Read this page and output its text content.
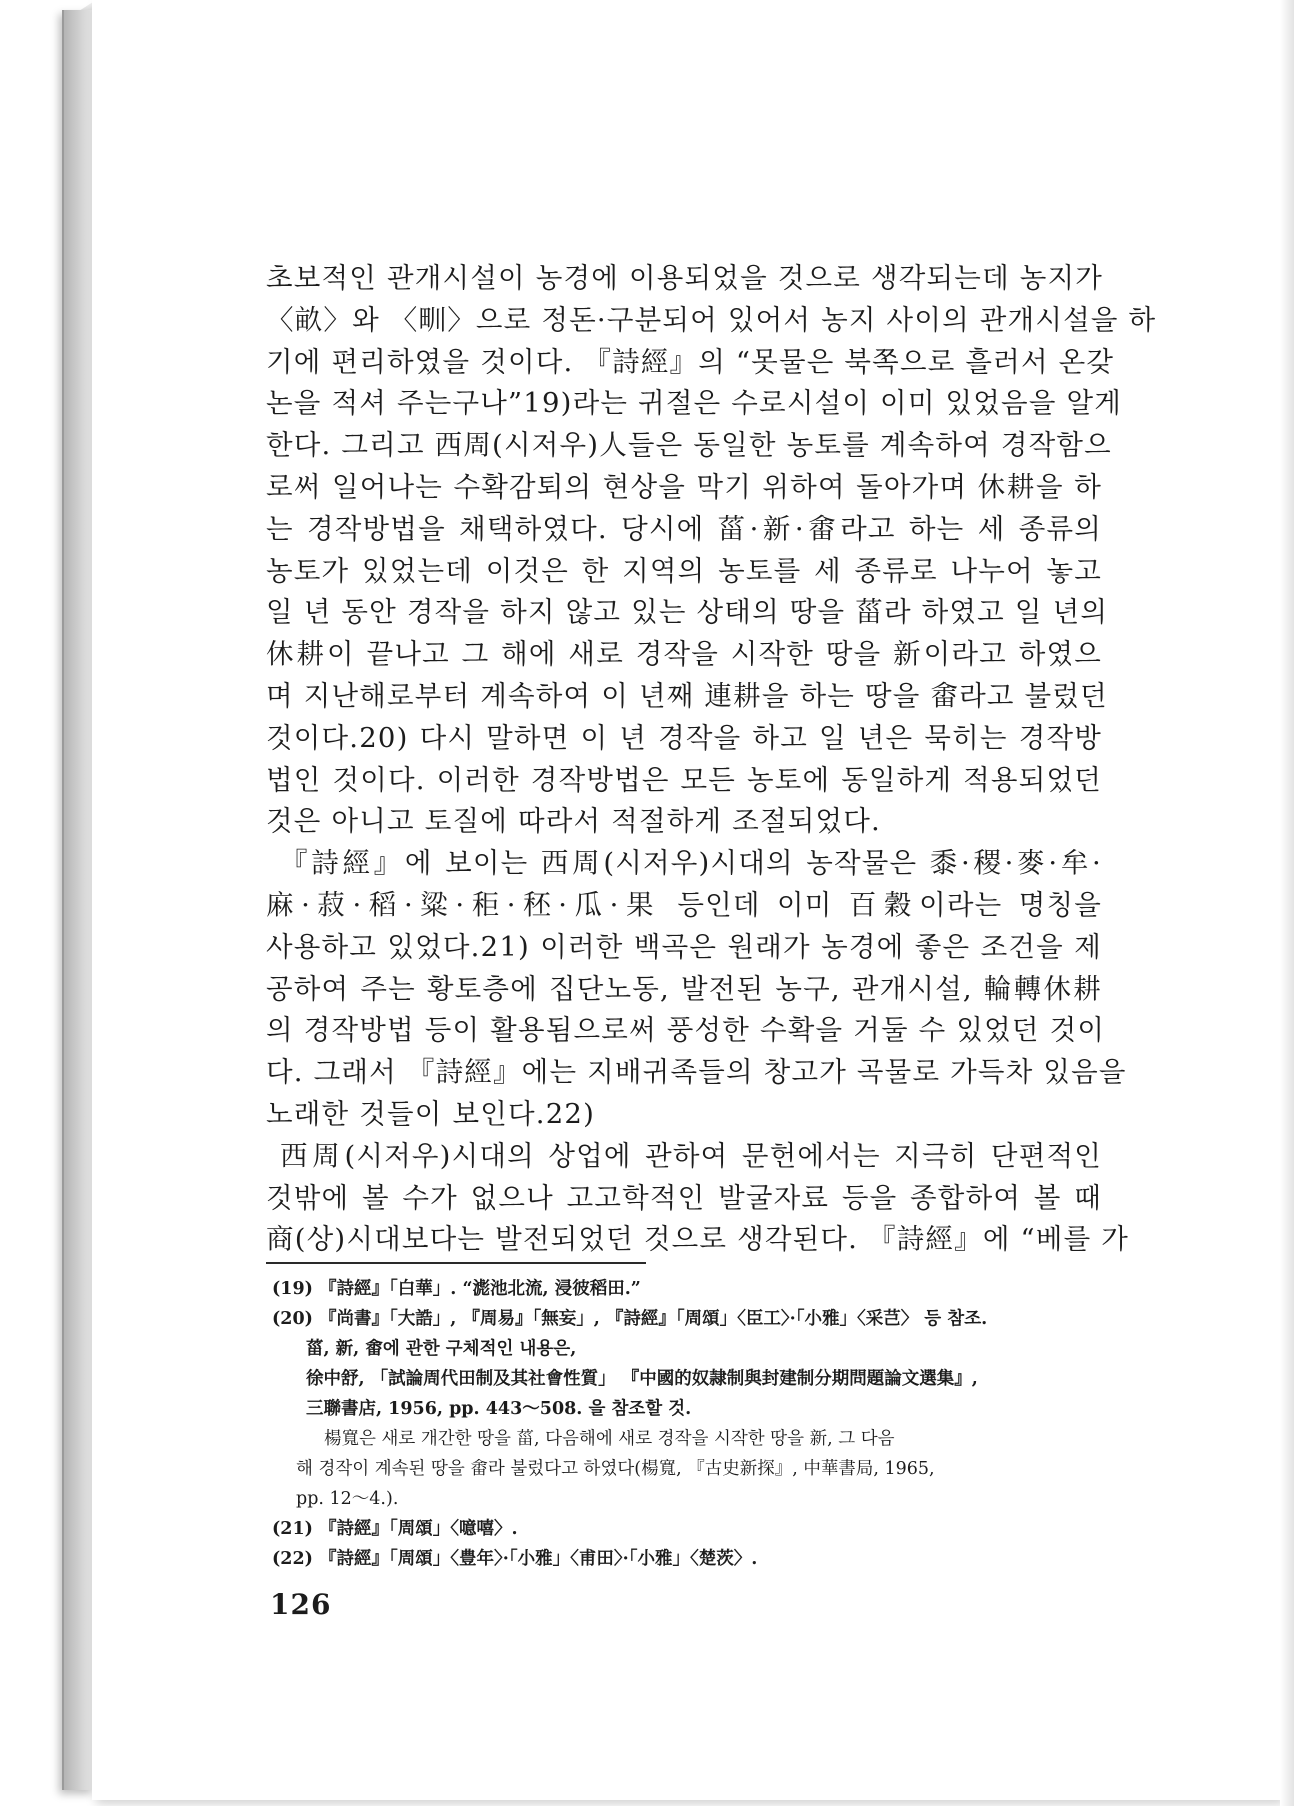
초보적인 관개시설이 농경에 이용되었을 것으로 생각되는데 농지가
〈畝〉와 〈甽〉으로 정돈·구분되어 있어서 농지 사이의 관개시설을 하
기에 편리하였을 것이다. 『詩經』의 “못물은 북쪽으로 흘러서 온갖
논을 적셔 주는구나”19)라는 귀절은 수로시설이 이미 있었음을 알게
한다. 그리고 西周(시저우)人들은 동일한 농토를 계속하여 경작함으
로써 일어나는 수확감퇴의 현상을 막기 위하여 돌아가며 休耕을 하
는 경작방법을 채택하였다. 당시에 菑·新·畬라고 하는 세 종류의
농토가 있었는데 이것은 한 지역의 농토를 세 종류로 나누어 놓고
일 년 동안 경작을 하지 않고 있는 상태의 땅을 菑라 하였고 일 년의
休耕이 끝나고 그 해에 새로 경작을 시작한 땅을 新이라고 하였으
며 지난해로부터 계속하여 이 년째 連耕을 하는 땅을 畬라고 불렀던
것이다.20) 다시 말하면 이 년 경작을 하고 일 년은 묵히는 경작방
법인 것이다. 이러한 경작방법은 모든 농토에 동일하게 적용되었던
것은 아니고 토질에 따라서 적절하게 조절되었다.
『詩經』에 보이는 西周(시저우)시대의 농작물은 黍·稷·麥·牟·
麻·菽·稻·粱·秬·秠·瓜·果 등인데 이미 百穀이라는 명칭을
사용하고 있었다.21) 이러한 백곡은 원래가 농경에 좋은 조건을 제
공하여 주는 황토층에 집단노동, 발전된 농구, 관개시설, 輪轉休耕
의 경작방법 등이 활용됨으로써 풍성한 수확을 거둘 수 있었던 것이
다. 그래서 『詩經』에는 지배귀족들의 창고가 곡물로 가득차 있음을
노래한 것들이 보인다.22)
西周(시저우)시대의 상업에 관하여 문헌에서는 지극히 단편적인
것밖에 볼 수가 없으나 고고학적인 발굴자료 등을 종합하여 볼 때
商(상)시대보다는 발전되었던 것으로 생각된다. 『詩經』에 “베를 가
(19) 『詩經』「白華」. “滮池北流, 浸彼稻田.”
(20) 『尚書』「大誥」, 『周易』「無妄」, 『詩經』「周頌」〈臣工〉·「小雅」〈采芑〉 등 참조.
菑, 新, 畬에 관한 구체적인 내용은,
徐中舒, 「試論周代田制及其社會性質」 『中國的奴隷制與封建制分期問題論文選集』,
三聯書店, 1956, pp. 443～508. 을 참조할 것.
楊寬은 새로 개간한 땅을 菑, 다음해에 새로 경작을 시작한 땅을 新, 그 다음
해 경작이 계속된 땅을 畬라 불렀다고 하였다(楊寬, 『古史新探』, 中華書局, 1965,
pp. 12～4.).
(21) 『詩經』「周頌」〈噫嘻〉.
(22) 『詩經』「周頌」〈豊年〉·「小雅」〈甫田〉·「小雅」〈楚茨〉.
126
